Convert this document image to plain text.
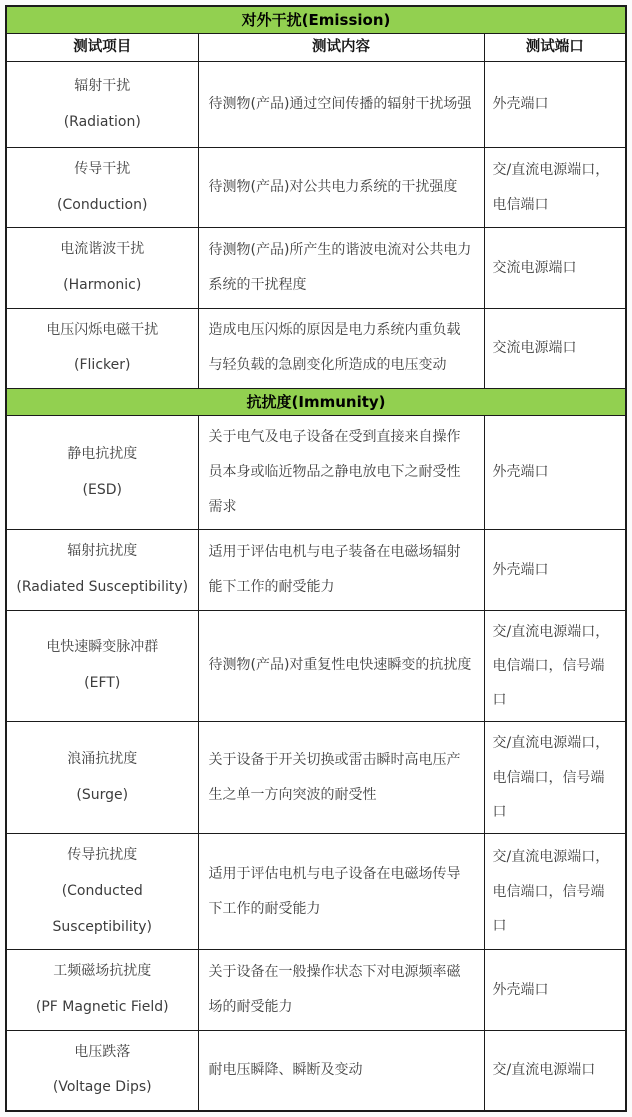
对外干扰(Emission)		
测试项目	测试内容	测试端口

辐射干扰
(Radiation)	待测物(产品)通过空间传播的辐射干扰场强	外壳端口

传导干扰
(Conduction)	待测物(产品)对公共电力系统的干扰强度	交/直流电源端口，电信端口

电流谐波干扰
(Harmonic)	待测物(产品)所产生的谐波电流对公共电力系统的干扰程度	交流电源端口

电压闪烁电磁干扰
(Flicker)	造成电压闪烁的原因是电力系统内重负载与轻负载的急剧变化所造成的电压变动	交流电源端口
抗扰度(Immunity)		

静电抗扰度
(ESD)	关于电气及电子设备在受到直接来自操作员本身或临近物品之静电放电下之耐受性需求	外壳端口

辐射抗扰度
(Radiated Susceptibility)	适用于评估电机与电子装备在电磁场辐射能下工作的耐受能力	外壳端口

电快速瞬变脉冲群
(EFT)	待测物(产品)对重复性电快速瞬变的抗扰度	交/直流电源端口，电信端口，信号端口

浪涌抗扰度
(Surge)	关于设备于开关切换或雷击瞬时高电压产生之单一方向突波的耐受性	交/直流电源端口，电信端口，信号端口

传导抗扰度
(Conducted Susceptibility)	适用于评估电机与电子设备在电磁场传导下工作的耐受能力	交/直流电源端口，电信端口，信号端口

工频磁场抗扰度
(PF Magnetic Field)	关于设备在一般操作状态下对电源频率磁场的耐受能力	外壳端口

电压跌落
(Voltage Dips)	耐电压瞬降、瞬断及变动	交/直流电源端口
